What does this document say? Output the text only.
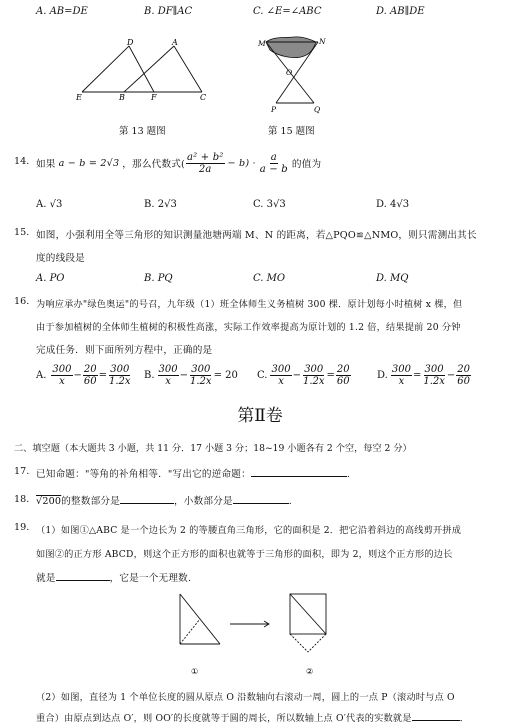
A. AB=DE	B. DF∥AC	C. ∠E=∠ABC	D. AB∥DE
D	A
E	B	F	C
第 13 题图
M	N
O
P	Q
第 15 题图
14. 如果 a − b = 2√3 ，那么代数式( $\frac{\text{a² + b²}}{2a} - b) \cdot \frac{a}{a - b}$ 的值为
A. √3	B. 2√3	C. 3√3	D. 4√3
15. 如图，小强利用全等三角形的知识测量池塘两端 M、N 的距离，若△PQO≌△NMO，则只需测出其长
度的线段是
A. PO	B. PQ	C. MO	D. MQ
16. 为响应承办"绿色奥运"的号召，九年级（1）班全体师生义务植树 300 棵．原计划每小时植树 x 棵，但
由于参加植树的全体师生植树的积极性高涨，实际工作效率提高为原计划的 1.2 倍，结果提前 20 分钟
完成任务．则下面所列方程中，正确的是
A. $\frac{300}{x} - \frac{20}{60} = \frac{300}{1.2x} B$. $\frac{300}{x} - \frac{300}{1.2x} = 20$ C. $\frac{300}{x} - \frac{300}{1.2x} = \frac{20}{60}$	D. $\frac{300}{x} = \frac{300}{1.2x} - \frac{20}{60}$
第Ⅱ卷
二、填空题（本大题共 3 小题，共 11 分．17 小题 3 分；18~19 小题各有 2 个空，每空 2 分）
17. 已知命题："等角的补角相等．"写出它的逆命题：	.
18. √200的整数部分是	，小数部分是	.
19. （1）如图①△ABC 是一个边长为 2 的等腰直角三角形，它的面积是 2．把它沿着斜边的高线剪开拼成
如图②的正方形 ABCD，则这个正方形的面积也就等于三角形的面积，即为 2，则这个正方形的边长
就是	，它是一个无理数.
①	②
（2）如图，直径为 1 个单位长度的圆从原点 O 沿数轴向右滚动一周，圆上的一点 P（滚动时与点 O
重合）由原点到达点 O′，则 OO′的长度就等于圆的周长，所以数轴上点 O′代表的实数就是	．
